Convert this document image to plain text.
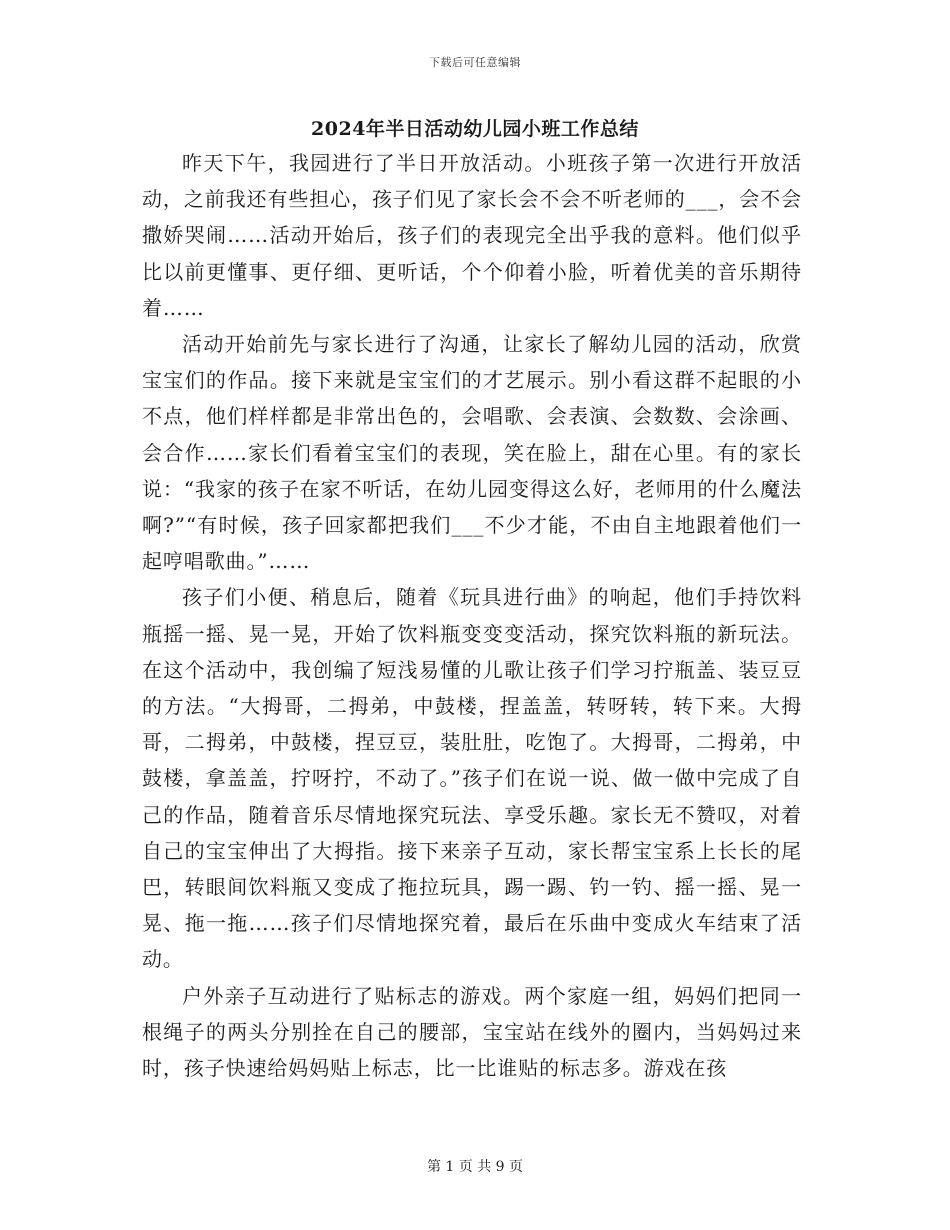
下载后可任意编辑
2024年半日活动幼儿园小班工作总结

昨天下午，我园进行了半日开放活动。小班孩子第一次进行开放活动，之前我还有些担心，孩子们见了家长会不会不听老师的___，会不会撒娇哭闹……活动开始后，孩子们的表现完全出乎我的意料。他们似乎比以前更懂事、更仔细、更听话，个个仰着小脸，听着优美的音乐期待着……

活动开始前先与家长进行了沟通，让家长了解幼儿园的活动，欣赏宝宝们的作品。接下来就是宝宝们的才艺展示。别小看这群不起眼的小不点，他们样样都是非常出色的，会唱歌、会表演、会数数、会涂画、会合作……家长们看着宝宝们的表现，笑在脸上，甜在心里。有的家长说：“我家的孩子在家不听话，在幼儿园变得这么好，老师用的什么魔法啊?”“有时候，孩子回家都把我们___不少才能，不由自主地跟着他们一起哼唱歌曲。”……

孩子们小便、稍息后，随着《玩具进行曲》的响起，他们手持饮料瓶摇一摇、晃一晃，开始了饮料瓶变变变活动，探究饮料瓶的新玩法。在这个活动中，我创编了短浅易懂的儿歌让孩子们学习拧瓶盖、装豆豆的方法。“大拇哥，二拇弟，中鼓楼，捏盖盖，转呀转，转下来。大拇哥，二拇弟，中鼓楼，捏豆豆，装肚肚，吃饱了。大拇哥，二拇弟，中鼓楼，拿盖盖，拧呀拧，不动了。”孩子们在说一说、做一做中完成了自己的作品，随着音乐尽情地探究玩法、享受乐趣。家长无不赞叹，对着自己的宝宝伸出了大拇指。接下来亲子互动，家长帮宝宝系上长长的尾巴，转眼间饮料瓶又变成了拖拉玩具，踢一踢、钓一钓、摇一摇、晃一晃、拖一拖……孩子们尽情地探究着，最后在乐曲中变成火车结束了活动。

户外亲子互动进行了贴标志的游戏。两个家庭一组，妈妈们把同一根绳子的两头分别拴在自己的腰部，宝宝站在线外的圈内，当妈妈过来时，孩子快速给妈妈贴上标志，比一比谁贴的标志多。游戏在孩

第 1 页 共 9 页
